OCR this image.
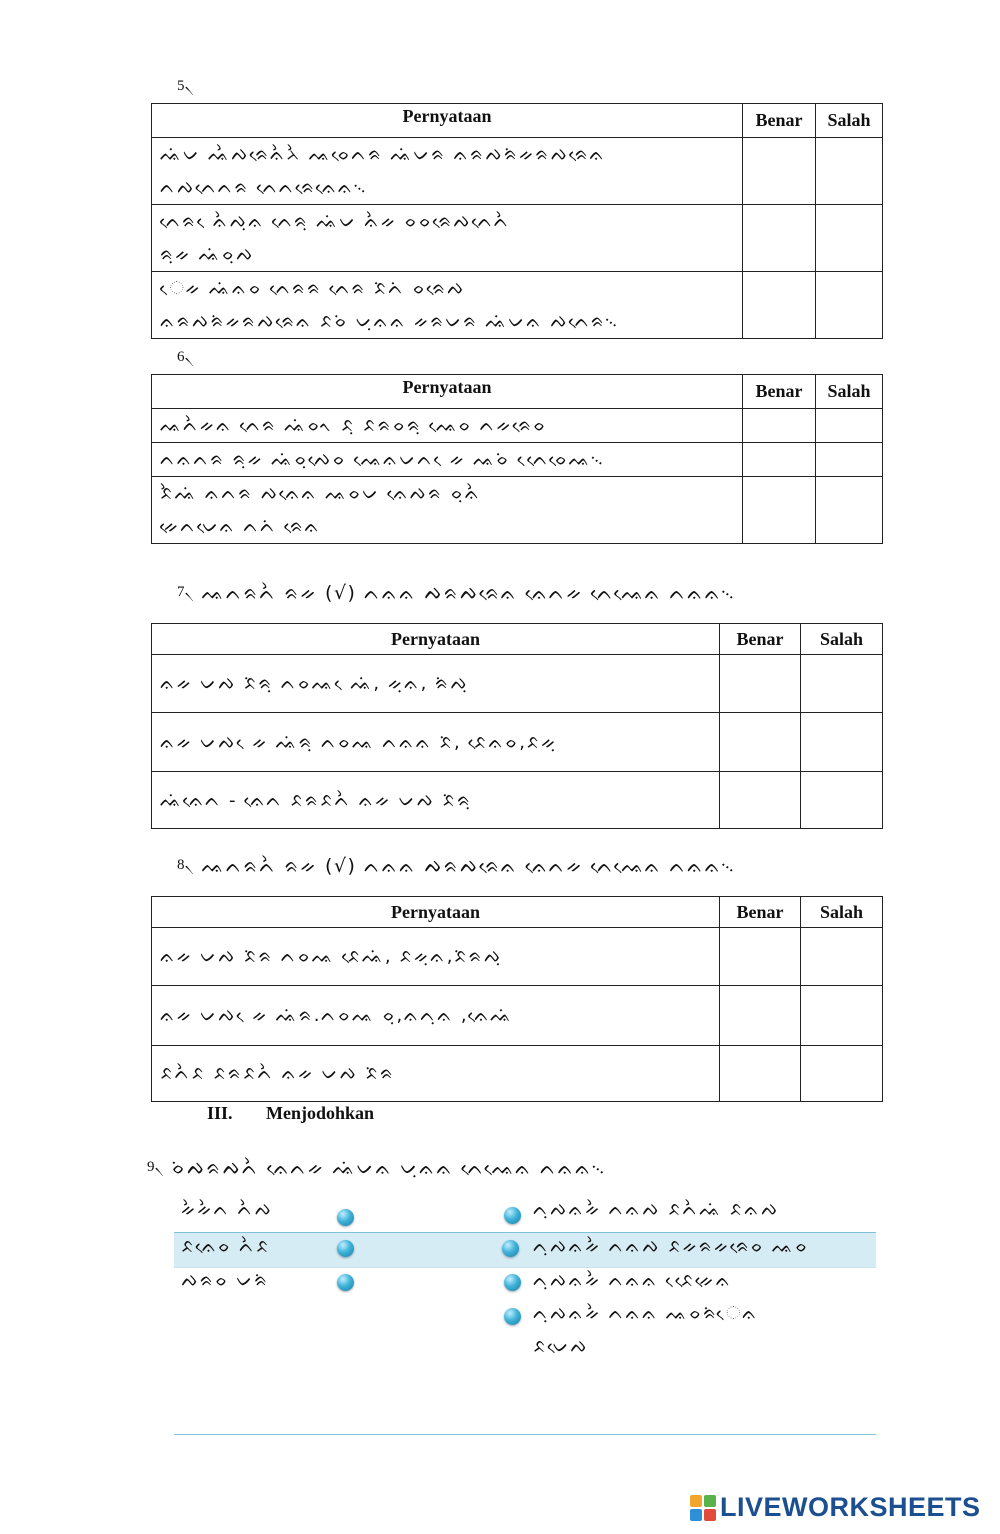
5৲
Pernyataan	Benar	Salah

ᨕᨗᨆ ᨕᨛᨄᨑᨙᨊᨛᨂᨛ ᨕᨔᨙᨈᨑ ᨕᨗᨆᨑ ᨊᨑᨄᨑᨗᨀᨑᨄᨑᨙᨊ
ᨈᨄᨈᨙᨈᨑ ᨈᨙᨈᨑᨙᨊᨙᨊ᨞		

ᨈᨙᨑ ᨙᨊᨛᨄᨘᨊ ᨈᨙᨑᨘ ᨕᨗᨆ ᨊᨛᨀ ᨔᨔᨑᨙᨄᨈᨙᨈᨛ
ᨑᨘᨀ ᨕᨗᨔᨘᨄ		

ᨙᨀ ᨕᨗᨊᨔ ᨈᨙᨑᨑ ᨈᨙᨑ ᨅᨗᨈᨗ ᨔᨑᨙᨄ
ᨊᨑᨄᨑᨗᨀᨑᨄᨑᨙᨊ ᨅᨔᨗ ᨆᨘᨊᨊ ᨀᨑᨆᨑ ᨕᨗᨆᨊ ᨄᨈᨙᨑ᨞		

6৲
Pernyataan	Benar	Salah

ᨕᨈᨛᨀᨊ ᨈᨙᨑ ᨕᨗᨔᨚ ᨅᨘ ᨅᨑᨔᨑᨘ ᨕᨙᨔ ᨈᨀᨑᨙᨔ		

ᨈᨊᨈᨑ ᨑᨘᨀ ᨕᨗᨔᨘᨄᨙᨔ ᨕᨙᨊᨆᨈ ᨙᨀ ᨕᨔᨗ ᨈᨙᨙᨔᨙᨕ᨞		

ᨅᨛᨕᨗ ᨊᨈᨑ ᨄᨊᨙᨊ ᨕᨔᨆ ᨊᨙᨄᨑ ᨔᨘᨊᨛ
ᨀᨙᨈᨆᨙᨊ ᨈᨈᨗ ᨑᨙᨊ		

7৲ ᨕᨈᨑᨈᨛ ᨑᨀ (√) ᨈᨊᨊ ᨄᨑᨄᨑᨙᨊ ᨊᨙᨈᨀ ᨈᨙᨕᨙᨊ ᨈᨊᨊ᨞
Pernyataan	Benar	Salah

ᨊᨀ ᨆᨄ ᨅᨗᨑᨘ ᨈᨔᨕ ᨙᨕᨗ, ᨀᨘᨊ, ᨑᨗᨄᨘ		

ᨊᨀ ᨆᨄ ᨙᨀ ᨕᨗᨑᨘ ᨈᨔᨕ ᨈᨊᨊ ᨅᨗ, ᨅᨙᨊᨔ,ᨅᨀᨘ		

ᨕᨗᨊᨙᨈ - ᨊᨙᨈ ᨅᨑᨅᨈᨛ ᨊᨀ ᨆᨄ ᨅᨗᨑᨘ		

8৲ ᨕᨈᨑᨈᨛ ᨑᨀ (√) ᨈᨊᨊ ᨄᨑᨄᨑᨙᨊ ᨊᨙᨈᨀ ᨈᨙᨕᨙᨊ ᨈᨊᨊ᨞
Pernyataan	Benar	Salah

ᨊᨀ ᨆᨄ ᨅᨗᨑ ᨈᨔᨕ ᨅᨙᨕᨗ, ᨅᨀᨘᨊ,ᨅᨗᨑᨄᨘ		

ᨊᨀ ᨆᨄ ᨙᨀ ᨕᨗᨑ.ᨈᨔᨕ ᨔᨘ,ᨊᨈᨘᨊ ,ᨊᨙᨕᨗ		

ᨅᨈᨛᨅ ᨅᨑᨅᨈᨛ ᨊᨀ ᨆᨄ ᨅᨗᨑ		

III. Menjodohkan
9৲ ᨔᨗᨄᨑᨄᨈᨛ ᨊᨙᨈᨀ ᨕᨗᨆᨊ ᨆᨘᨊᨊ ᨈᨙᨕᨙᨊ ᨈᨊᨊ᨞
ᨀᨛᨀᨛᨈ ᨈᨛᨄ
ᨅᨊᨙᨔ ᨈᨛᨅ
ᨄᨑᨔ ᨆᨑᨗ
ᨈᨘᨄᨊᨀᨛ ᨈᨊᨄ ᨅᨈᨛᨕᨗ ᨅᨊᨄ
ᨈᨘᨄᨊᨀᨛ ᨈᨊᨄ ᨅᨀᨑᨀᨑᨙᨔ ᨕᨔ
ᨈᨘᨄᨊᨀᨛ ᨈᨊᨊ ᨅᨙᨙᨀᨙᨊ
ᨈᨘᨄᨊᨀᨛ ᨈᨊᨊ ᨕᨔᨑᨗᨙᨊ
ᨅᨆᨙᨄ
LIVEWORKSHEETS
